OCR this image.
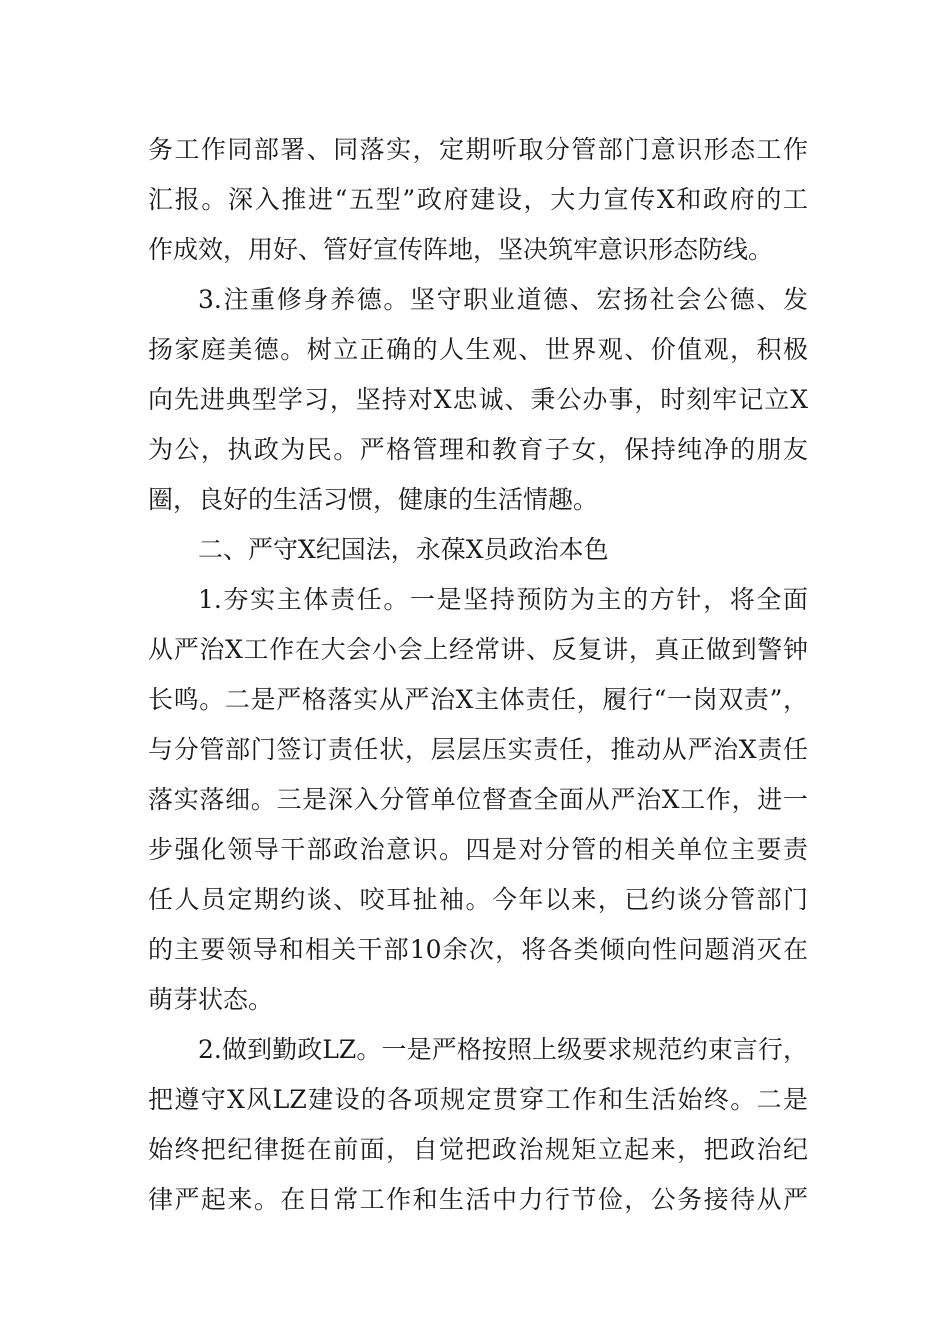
务工作同部署、同落实，定期听取分管部门意识形态工作
汇报。深入推进“五型”政府建设，大力宣传X和政府的工
作成效，用好、管好宣传阵地，坚决筑牢意识形态防线。
3.注重修身养德。坚守职业道德、宏扬社会公德、发
扬家庭美德。树立正确的人生观、世界观、价值观，积极
向先进典型学习，坚持对X忠诚、秉公办事，时刻牢记立X
为公，执政为民。严格管理和教育子女，保持纯净的朋友
圈，良好的生活习惯，健康的生活情趣。
二、严守X纪国法，永葆X员政治本色
1.夯实主体责任。一是坚持预防为主的方针，将全面
从严治X工作在大会小会上经常讲、反复讲，真正做到警钟
长鸣。二是严格落实从严治X主体责任，履行“一岗双责”，
与分管部门签订责任状，层层压实责任，推动从严治X责任
落实落细。三是深入分管单位督查全面从严治X工作，进一
步强化领导干部政治意识。四是对分管的相关单位主要责
任人员定期约谈、咬耳扯袖。今年以来，已约谈分管部门
的主要领导和相关干部10余次，将各类倾向性问题消灭在
萌芽状态。
2.做到勤政LZ。一是严格按照上级要求规范约束言行，
把遵守X风LZ建设的各项规定贯穿工作和生活始终。二是
始终把纪律挺在前面，自觉把政治规矩立起来，把政治纪
律严起来。在日常工作和生活中力行节俭，公务接待从严
